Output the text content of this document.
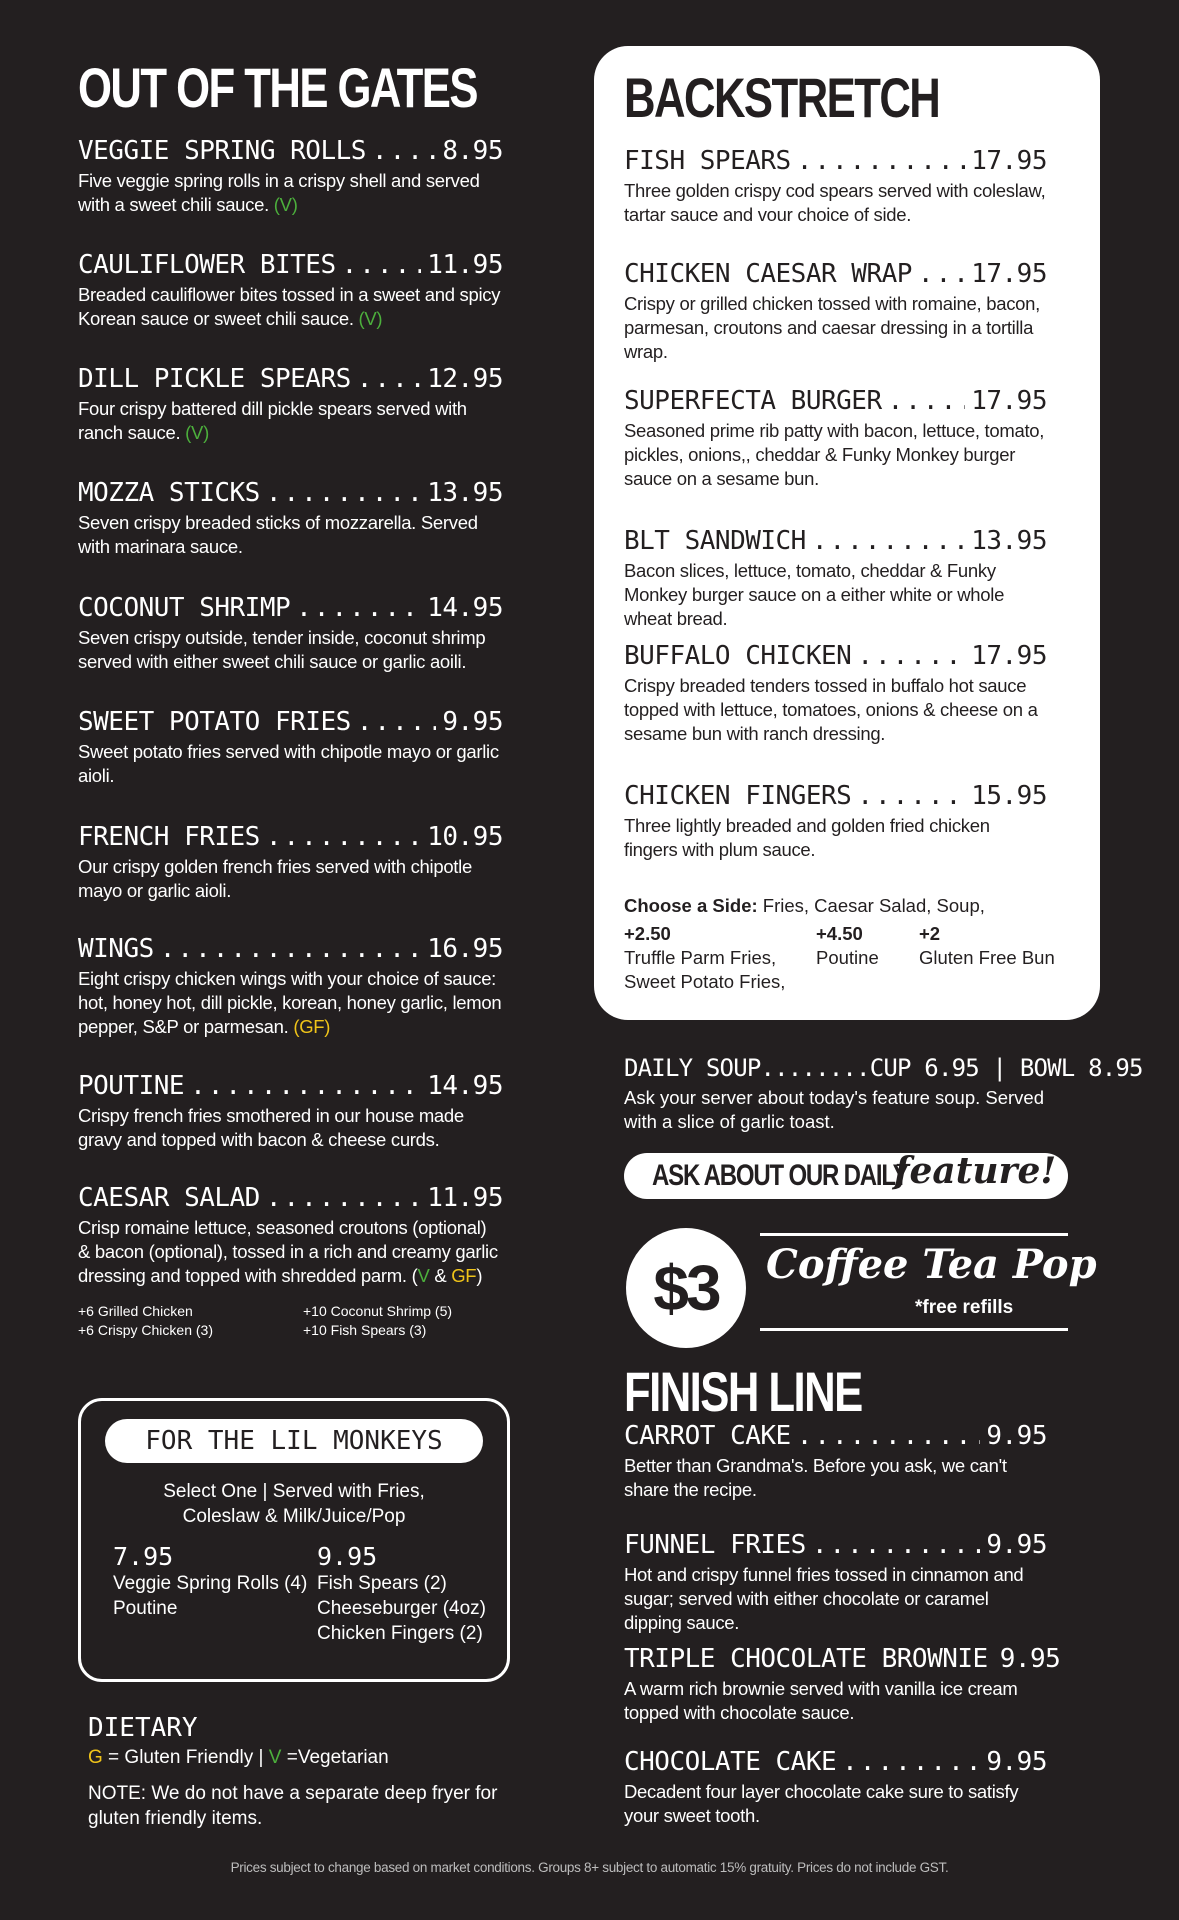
OUT OF THE GATES
VEGGIE SPRING ROLLS .....	8.95
Five veggie spring rolls in a crispy shell and served with a sweet chili sauce. (V)
CAULIFLOWER BITES .....	11.95
Breaded cauliflower bites tossed in a sweet and spicy Korean sauce or sweet chili sauce. (V)
DILL PICKLE SPEARS .....	12.95
Four crispy battered dill pickle spears served with ranch sauce. (V)
MOZZA STICKS .....	13.95
Seven crispy breaded sticks of mozzarella. Served with marinara sauce.
COCONUT SHRIMP .....	14.95
Seven crispy outside, tender inside, coconut shrimp served with either sweet chili sauce or garlic aoili.
SWEET POTATO FRIES .....	9.95
Sweet potato fries served with chipotle mayo or garlic aioli.
FRENCH FRIES .....	10.95
Our crispy golden french fries served with chipotle mayo or garlic aioli.
WINGS .....	16.95
Eight crispy chicken wings with your choice of sauce: hot, honey hot, dill pickle, korean, honey garlic, lemon pepper, S&P or parmesan. (GF)
POUTINE .....	14.95
Crispy french fries smothered in our house made gravy and topped with bacon & cheese curds.
CAESAR SALAD .....	11.95
Crisp romaine lettuce, seasoned croutons (optional) & bacon (optional), tossed in a rich and creamy garlic dressing and topped with shredded parm. (V & GF)
+6 Grilled Chicken
+6 Crispy Chicken (3)
+10 Coconut Shrimp (5)
+10 Fish Spears (3)
FOR THE LIL MONKEYS
Select One | Served with Fries,
Coleslaw & Milk/Juice/Pop
7.95
Veggie Spring Rolls (4)
Poutine
9.95
Fish Spears (2)
Cheeseburger (4oz)
Chicken Fingers (2)
DIETARY
G = Gluten Friendly | V =Vegetarian
NOTE: We do not have a separate deep fryer for
gluten friendly items.
BACKSTRETCH
FISH SPEARS .....	17.95
Three golden crispy cod spears served with coleslaw, tartar sauce and vour choice of side.
CHICKEN CAESAR WRAP ..... 17.95
Crispy or grilled chicken tossed with romaine, bacon, parmesan, croutons and caesar dressing in a tortilla wrap.
SUPERFECTA BURGER .....	17.95
Seasoned prime rib patty with bacon, lettuce, tomato, pickles, onions,, cheddar & Funky Monkey burger sauce on a sesame bun.
BLT SANDWICH .....	13.95
Bacon slices, lettuce, tomato, cheddar & Funky Monkey burger sauce on a either white or whole wheat bread.
BUFFALO CHICKEN .....	17.95
Crispy breaded tenders tossed in buffalo hot sauce topped with lettuce, tomatoes, onions & cheese on a sesame bun with ranch dressing.
CHICKEN FINGERS .....	15.95
Three lightly breaded and golden fried chicken fingers with plum sauce.
Choose a Side: Fries, Caesar Salad, Soup,
+2.50
Truffle Parm Fries,
Sweet Potato Fries,
+4.50
Poutine
+2
Gluten Free Bun
DAILY SOUP........CUP 6.95 | BOWL 8.95
Ask your server about today's feature soup. Served with a slice of garlic toast.
ASK ABOUT OUR DAILY
feature!
$3	Coffee Tea Pop
*free refills
FINISH LINE
CARROT CAKE .....	9.95
Better than Grandma's. Before you ask, we can't share the recipe.
FUNNEL FRIES .....	9.95
Hot and crispy funnel fries tossed in cinnamon and sugar; served with either chocolate or caramel dipping sauce.
TRIPLE CHOCOLATE BROWNIE 9.95
A warm rich brownie served with vanilla ice cream topped with chocolate sauce.
CHOCOLATE CAKE .....	9.95
Decadent four layer chocolate cake sure to satisfy your sweet tooth.
Prices subject to change based on market conditions. Groups 8+ subject to automatic 15% gratuity. Prices do not include GST.
